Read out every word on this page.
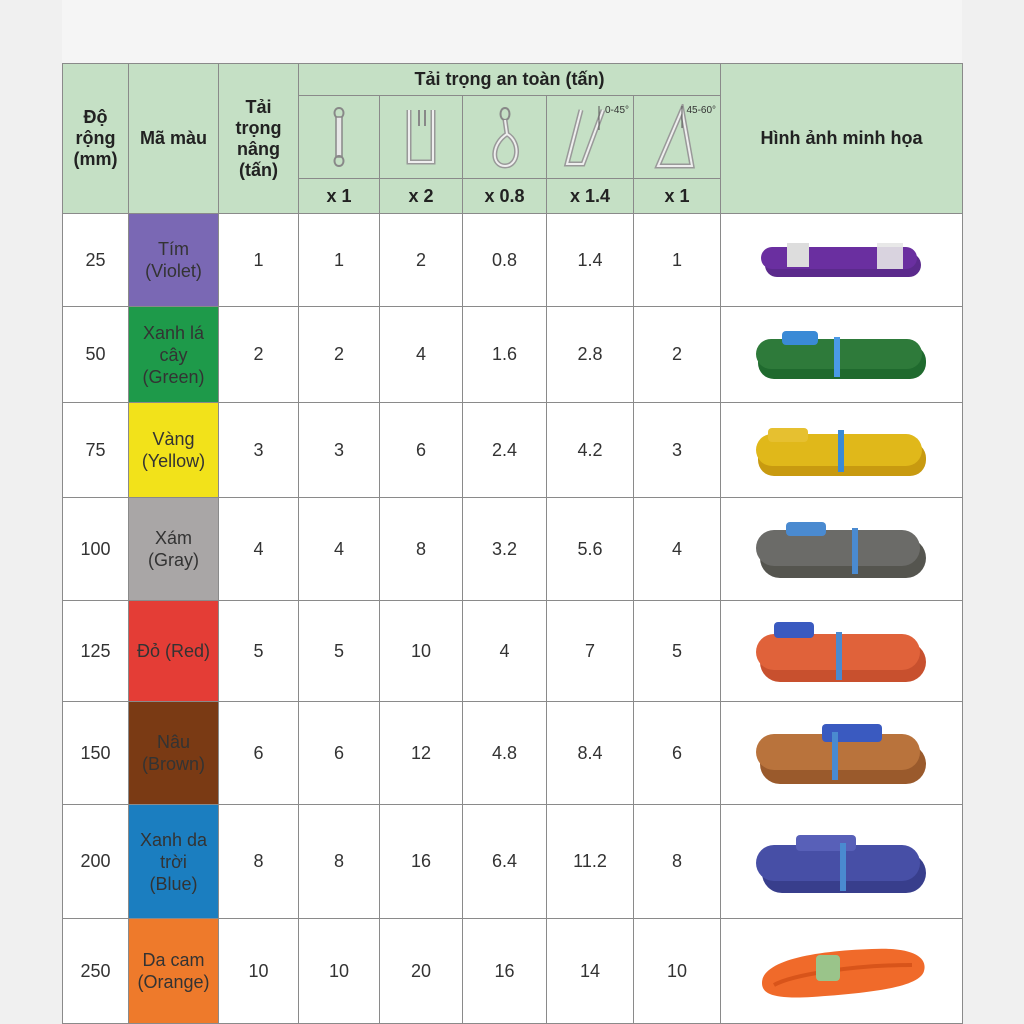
Độ rộng (mm)	Mã màu	Tải trọng nâng (tấn)	Tải trọng an toàn (tấn)					Hình ảnh minh họa

0-45°	45-60°	

			x 1	x 2	x 0.8	x 1.4	x 1	
25	Tím
(Violet)	1	1	2	0.8	1.4	1	

50	Xanh lá cây
(Green)	2	2	4	1.6	2.8	2	

75	Vàng
(Yellow)	3	3	6	2.4	4.2	3	

100	Xám
(Gray)	4	4	8	3.2	5.6	4	

125	Đỏ (Red)	5	5	10	4	7	5	

150	Nâu
(Brown)	6	6	12	4.8	8.4	6	

200	Xanh da trời
(Blue)	8	8	16	6.4	11.2	8	

250	Da cam
(Orange)	10	10	20	16	14	10	
